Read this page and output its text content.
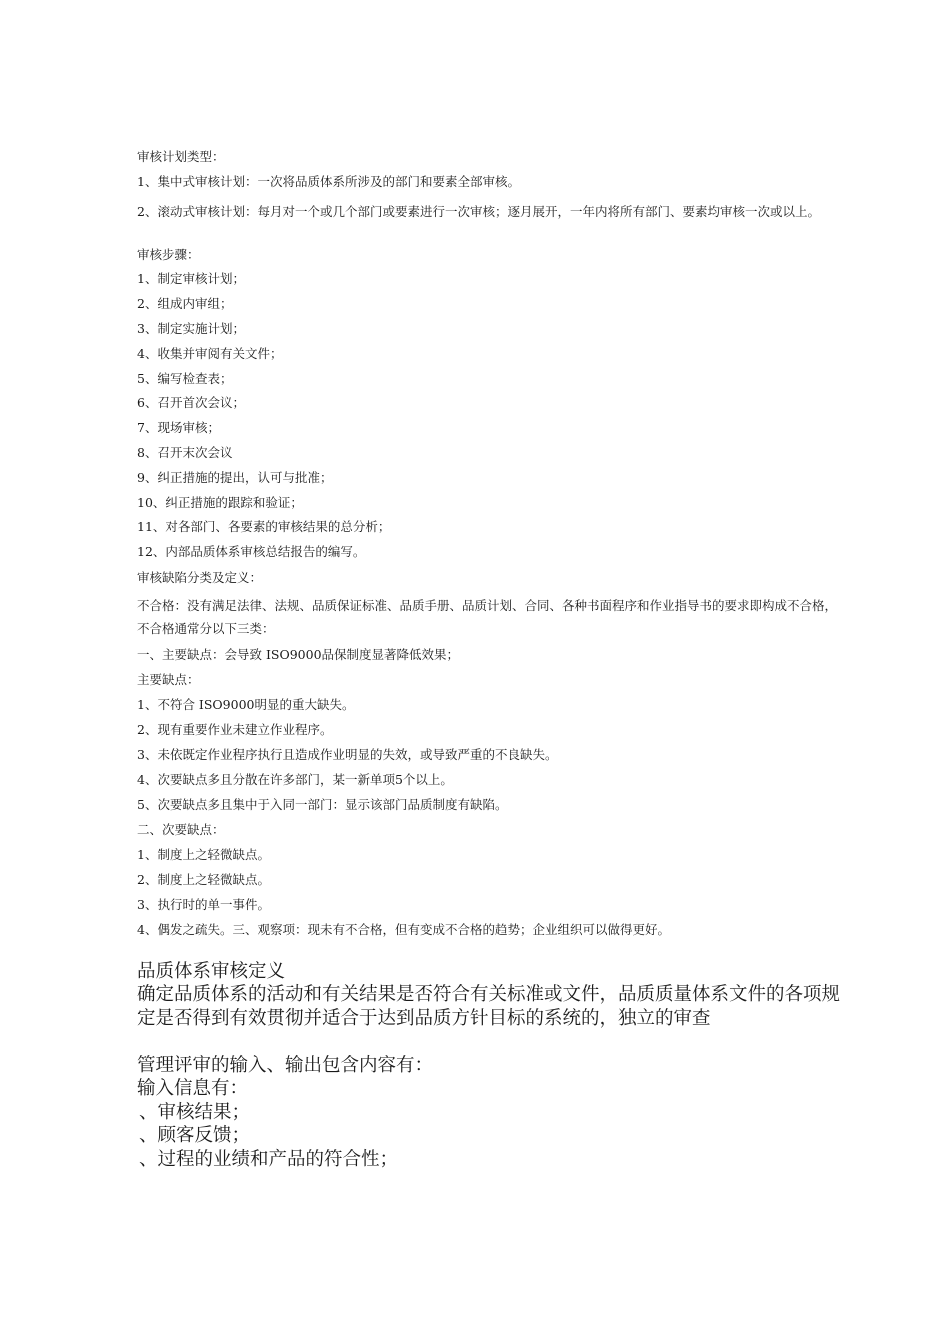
审核计划类型：

1、集中式审核计划：一次将品质体系所涉及的部门和要素全部审核。

2、滚动式审核计划：每月对一个或几个部门或要素进行一次审核；逐月展开，一年内将所有部门、要素均审核一次或以上。

审核步骤：

1、制定审核计划；

2、组成内审组；

3、制定实施计划；

4、收集并审阅有关文件；

5、编写检查表；

6、召开首次会议；

7、现场审核；

8、召开末次会议

9、纠正措施的提出，认可与批准；

10、纠正措施的跟踪和验证；

11、对各部门、各要素的审核结果的总分析；

12、内部品质体系审核总结报告的编写。

审核缺陷分类及定义：

不合格：没有满足法律、法规、品质保证标准、品质手册、品质计划、合同、各种书面程序和作业指导书的要求即构成不合格，不合格通常分以下三类：

一、主要缺点：会导致 ISO9000品保制度显著降低效果；

主要缺点：

1、不符合 ISO9000明显的重大缺失。

2、现有重要作业未建立作业程序。

3、未依既定作业程序执行且造成作业明显的失效，或导致严重的不良缺失。

4、次要缺点多且分散在许多部门，某一新单项5个以上。

5、次要缺点多且集中于入同一部门：显示该部门品质制度有缺陷。

二、次要缺点：

1、制度上之轻微缺点。

2、制度上之轻微缺点。

3、执行时的单一事件。

4、偶发之疏失。三、观察项：现未有不合格，但有变成不合格的趋势；企业组织可以做得更好。

品质体系审核定义

确定品质体系的活动和有关结果是否符合有关标准或文件，品质质量体系文件的各项规定是否得到有效贯彻并适合于达到品质方针目标的系统的，独立的审查

管理评审的输入、输出包含内容有：

输入信息有：

、审核结果；

、顾客反馈；

、过程的业绩和产品的符合性；
